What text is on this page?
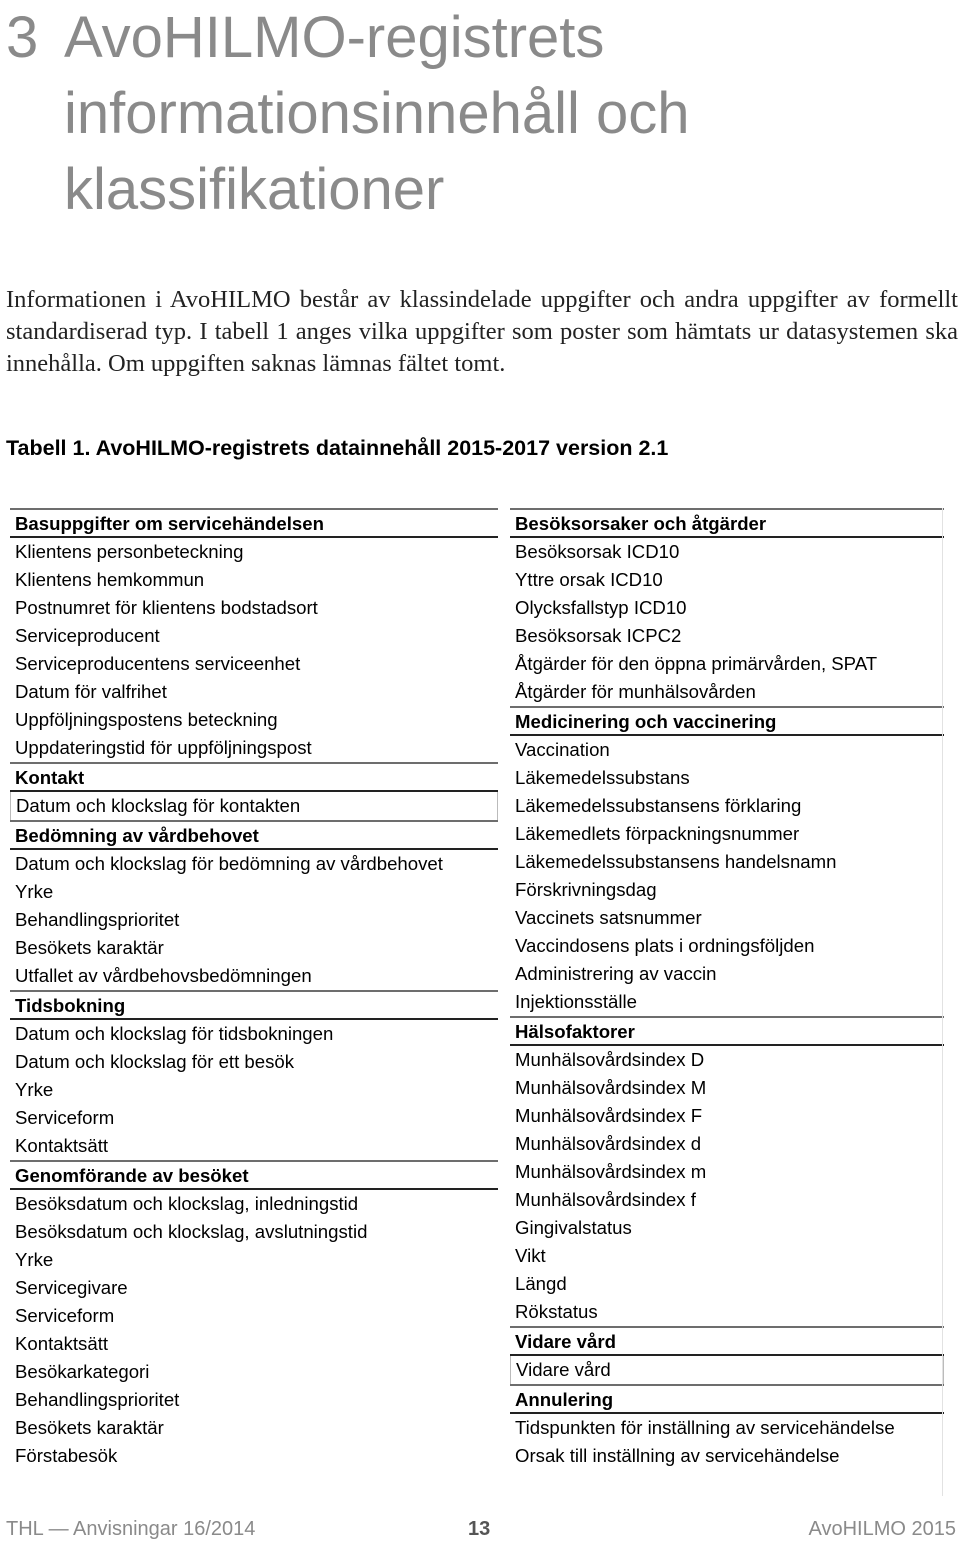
3 AvoHILMO-registrets
informationsinnehåll och
klassifikationer

Informationen i AvoHILMO består av klassindelade uppgifter och andra uppgifter av formellt standardiserad typ. I tabell 1 anges vilka uppgifter som poster som hämtats ur datasystemen ska innehålla. Om uppgiften saknas lämnas fältet tomt.

Tabell 1. AvoHILMO-registrets datainnehåll 2015-2017 version 2.1
Basuppgifter om servicehändelsen
Klientens personbeteckning
Klientens hemkommun
Postnumret för klientens bodstadsort
Serviceproducent
Serviceproducentens serviceenhet
Datum för valfrihet
Uppföljningspostens beteckning
Uppdateringstid för uppföljningspost
Kontakt
Datum och klockslag för kontakten
Bedömning av vårdbehovet
Datum och klockslag för bedömning av vårdbehovet
Yrke
Behandlingsprioritet
Besökets karaktär
Utfallet av vårdbehovsbedömningen
Tidsbokning
Datum och klockslag för tidsbokningen
Datum och klockslag för ett besök
Yrke
Serviceform
Kontaktsätt
Genomförande av besöket
Besöksdatum och klockslag, inledningstid
Besöksdatum och klockslag, avslutningstid
Yrke
Servicegivare
Serviceform
Kontaktsätt
Besökarkategori
Behandlingsprioritet
Besökets karaktär
Förstabesök
Besöksorsaker och åtgärder
Besöksorsak ICD10
Yttre orsak ICD10
Olycksfallstyp ICD10
Besöksorsak ICPC2
Åtgärder för den öppna primärvården, SPAT
Åtgärder för munhälsovården
Medicinering och vaccinering
Vaccination
Läkemedelssubstans
Läkemedelssubstansens förklaring
Läkemedlets förpackningsnummer
Läkemedelssubstansens handelsnamn
Förskrivningsdag
Vaccinets satsnummer
Vaccindosens plats i ordningsföljden
Administrering av vaccin
Injektionsställe
Hälsofaktorer
Munhälsovårdsindex D
Munhälsovårdsindex M
Munhälsovårdsindex F
Munhälsovårdsindex d
Munhälsovårdsindex m
Munhälsovårdsindex f
Gingivalstatus
Vikt
Längd
Rökstatus
Vidare vård
Vidare vård
Annulering
Tidspunkten för inställning av servicehändelse
Orsak till inställning av servicehändelse
THL — Anvisningar 16/2014	13	AvoHILMO 2015
